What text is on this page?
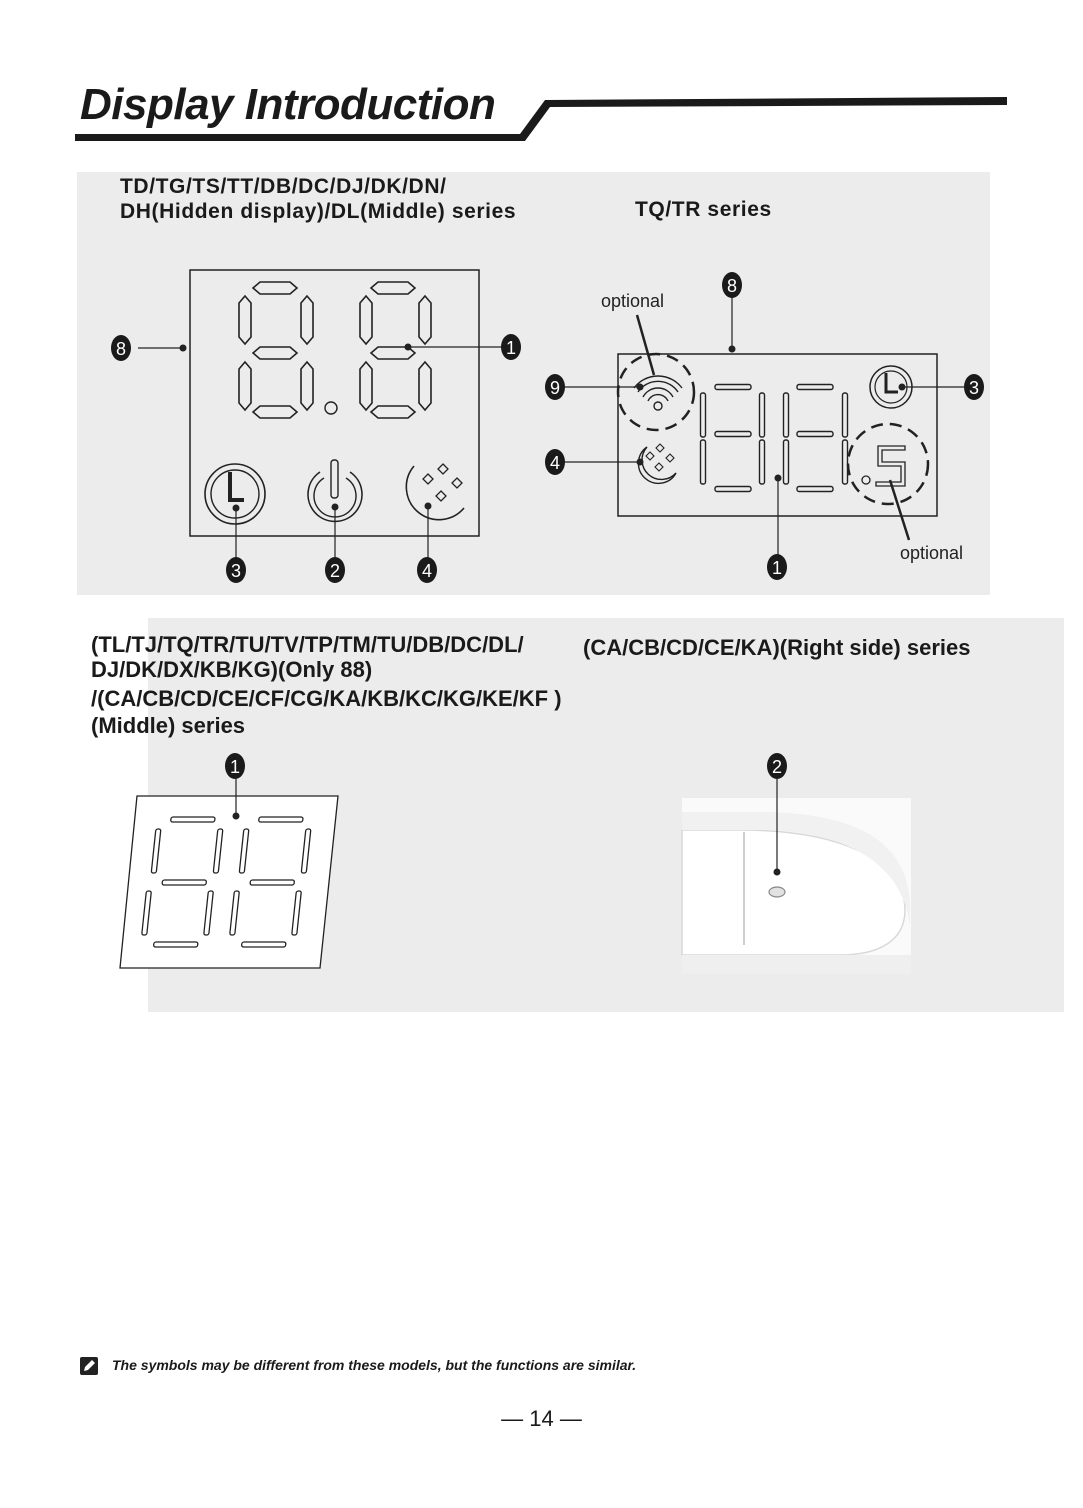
Display Introduction
TD/TG/TS/TT/DB/DC/DJ/DK/DN/
DH(Hidden display)/DL(Middle) series	TQ/TR series
(TL/TJ/TQ/TR/TU/TV/TP/TM/TU/DB/DC/DL/
DJ/DK/DX/KB/KG)(Only 88)
/(CA/CB/CD/CE/CF/CG/KA/KB/KC/KG/KE/KF )
(Middle) series
(CA/CB/CD/CE/KA)(Right side) series
8	1
3	2	4
optional
optional
8
9
4
3
1
1	2
The symbols may be different from these models, but the functions are similar.
— 14 —
